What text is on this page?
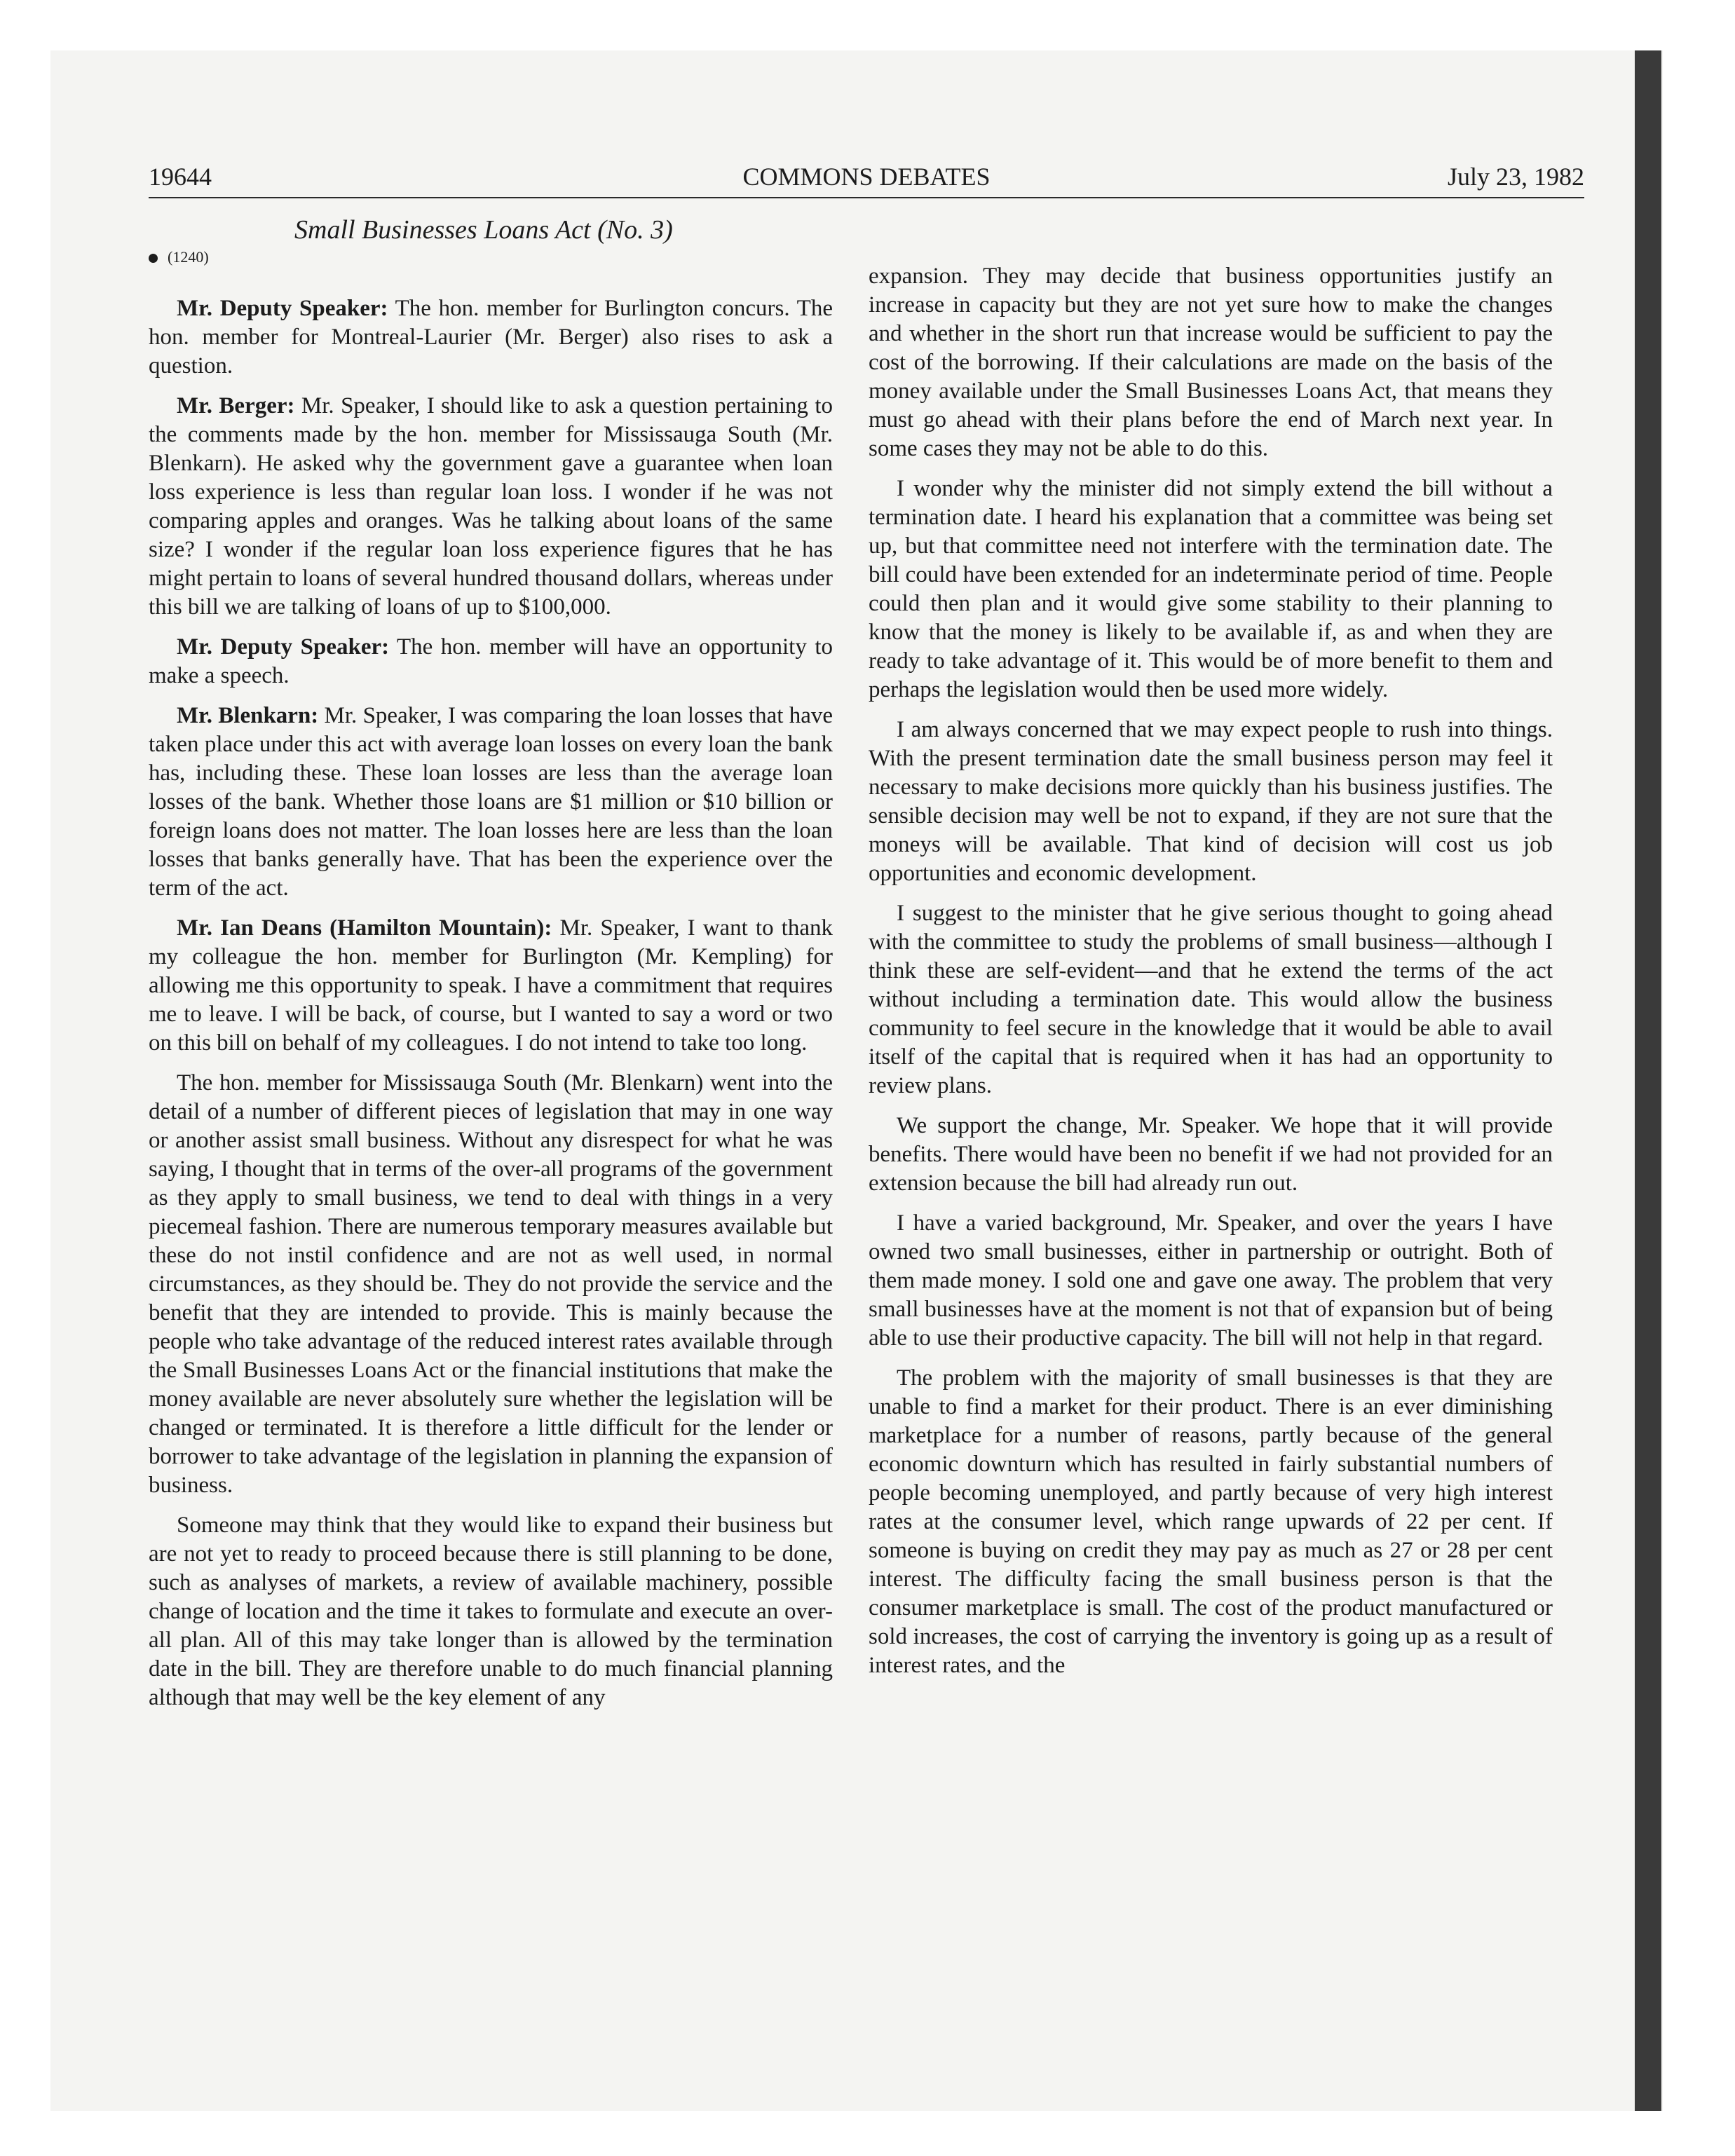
19644	COMMONS DEBATES	July 23, 1982
Small Businesses Loans Act (No. 3)
(1240)

Mr. Deputy Speaker: The hon. member for Burlington concurs. The hon. member for Montreal-Laurier (Mr. Berger) also rises to ask a question.

Mr. Berger: Mr. Speaker, I should like to ask a question pertaining to the comments made by the hon. member for Mississauga South (Mr. Blenkarn). He asked why the government gave a guarantee when loan loss experience is less than regular loan loss. I wonder if he was not comparing apples and oranges. Was he talking about loans of the same size? I wonder if the regular loan loss experience figures that he has might pertain to loans of several hundred thousand dollars, whereas under this bill we are talking of loans of up to $100,000.

Mr. Deputy Speaker: The hon. member will have an opportunity to make a speech.

Mr. Blenkarn: Mr. Speaker, I was comparing the loan losses that have taken place under this act with average loan losses on every loan the bank has, including these. These loan losses are less than the average loan losses of the bank. Whether those loans are $1 million or $10 billion or foreign loans does not matter. The loan losses here are less than the loan losses that banks generally have. That has been the experience over the term of the act.

Mr. Ian Deans (Hamilton Mountain): Mr. Speaker, I want to thank my colleague the hon. member for Burlington (Mr. Kempling) for allowing me this opportunity to speak. I have a commitment that requires me to leave. I will be back, of course, but I wanted to say a word or two on this bill on behalf of my colleagues. I do not intend to take too long.

The hon. member for Mississauga South (Mr. Blenkarn) went into the detail of a number of different pieces of legislation that may in one way or another assist small business. Without any disrespect for what he was saying, I thought that in terms of the over-all programs of the government as they apply to small business, we tend to deal with things in a very piecemeal fashion. There are numerous temporary measures available but these do not instil confidence and are not as well used, in normal circumstances, as they should be. They do not provide the service and the benefit that they are intended to provide. This is mainly because the people who take advantage of the reduced interest rates available through the Small Businesses Loans Act or the financial institutions that make the money available are never absolutely sure whether the legislation will be changed or terminated. It is therefore a little difficult for the lender or borrower to take advantage of the legislation in planning the expansion of business.

Someone may think that they would like to expand their business but are not yet to ready to proceed because there is still planning to be done, such as analyses of markets, a review of available machinery, possible change of location and the time it takes to formulate and execute an over-all plan. All of this may take longer than is allowed by the termination date in the bill. They are therefore unable to do much financial planning although that may well be the key element of any

expansion. They may decide that business opportunities justify an increase in capacity but they are not yet sure how to make the changes and whether in the short run that increase would be sufficient to pay the cost of the borrowing. If their calculations are made on the basis of the money available under the Small Businesses Loans Act, that means they must go ahead with their plans before the end of March next year. In some cases they may not be able to do this.

I wonder why the minister did not simply extend the bill without a termination date. I heard his explanation that a committee was being set up, but that committee need not interfere with the termination date. The bill could have been extended for an indeterminate period of time. People could then plan and it would give some stability to their planning to know that the money is likely to be available if, as and when they are ready to take advantage of it. This would be of more benefit to them and perhaps the legislation would then be used more widely.

I am always concerned that we may expect people to rush into things. With the present termination date the small business person may feel it necessary to make decisions more quickly than his business justifies. The sensible decision may well be not to expand, if they are not sure that the moneys will be available. That kind of decision will cost us job opportunities and economic development.

I suggest to the minister that he give serious thought to going ahead with the committee to study the problems of small business—although I think these are self-evident—and that he extend the terms of the act without including a termination date. This would allow the business community to feel secure in the knowledge that it would be able to avail itself of the capital that is required when it has had an opportunity to review plans.

We support the change, Mr. Speaker. We hope that it will provide benefits. There would have been no benefit if we had not provided for an extension because the bill had already run out.

I have a varied background, Mr. Speaker, and over the years I have owned two small businesses, either in partnership or outright. Both of them made money. I sold one and gave one away. The problem that very small businesses have at the moment is not that of expansion but of being able to use their productive capacity. The bill will not help in that regard.

The problem with the majority of small businesses is that they are unable to find a market for their product. There is an ever diminishing marketplace for a number of reasons, partly because of the general economic downturn which has resulted in fairly substantial numbers of people becoming unemployed, and partly because of very high interest rates at the consumer level, which range upwards of 22 per cent. If someone is buying on credit they may pay as much as 27 or 28 per cent interest. The difficulty facing the small business person is that the consumer marketplace is small. The cost of the product manufactured or sold increases, the cost of carrying the inventory is going up as a result of interest rates, and the
